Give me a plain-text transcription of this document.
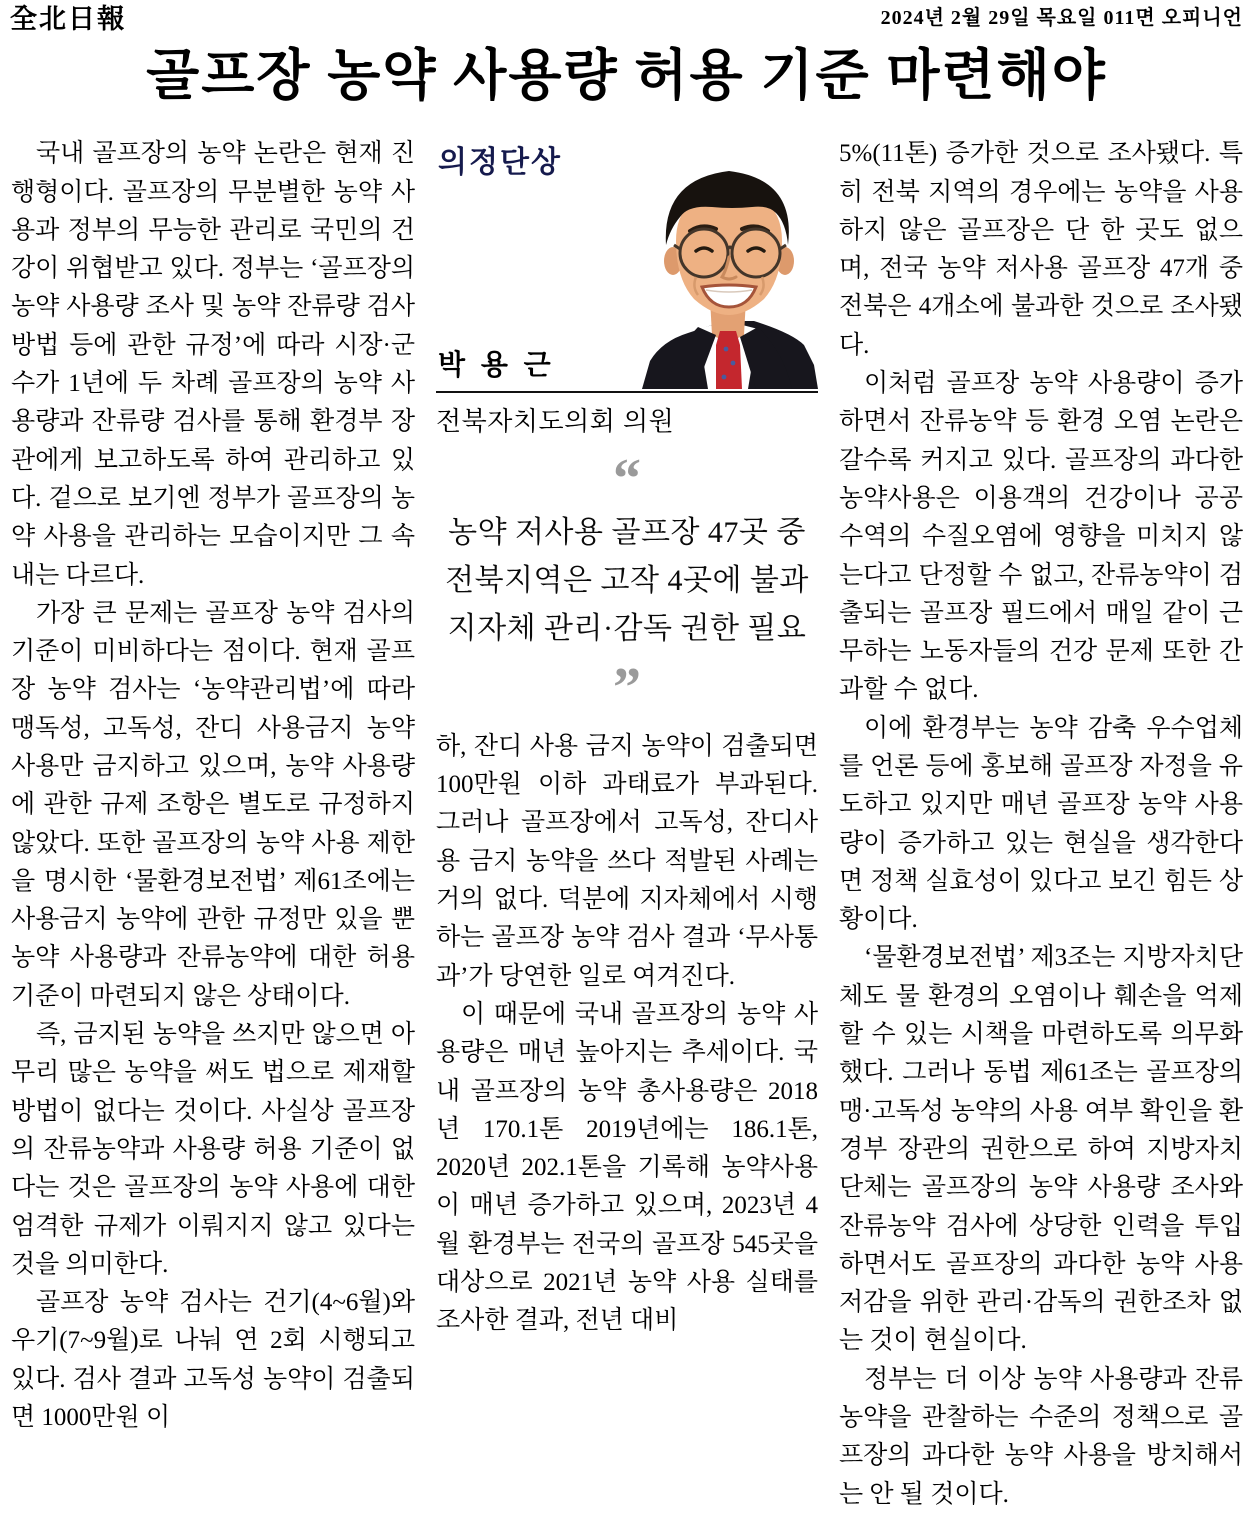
全北日報	2024년 2월 29일 목요일 011면 오피니언
골프장 농약 사용량 허용 기준 마련해야

국내 골프장의 농약 논란은 현재 진행형이다. 골프장의 무분별한 농약 사용과 정부의 무능한 관리로 국민의 건강이 위협받고 있다. 정부는 ‘골프장의 농약 사용량 조사 및 농약 잔류량 검사방법 등에 관한 규정’에 따라 시장·군수가 1년에 두 차례 골프장의 농약 사용량과 잔류량 검사를 통해 환경부 장관에게 보고하도록 하여 관리하고 있다. 겉으로 보기엔 정부가 골프장의 농약 사용을 관리하는 모습이지만 그 속내는 다르다.

가장 큰 문제는 골프장 농약 검사의 기준이 미비하다는 점이다. 현재 골프장 농약 검사는 ‘농약관리법’에 따라 맹독성, 고독성, 잔디 사용금지 농약 사용만 금지하고 있으며, 농약 사용량에 관한 규제 조항은 별도로 규정하지 않았다. 또한 골프장의 농약 사용 제한을 명시한 ‘물환경보전법’ 제61조에는 사용금지 농약에 관한 규정만 있을 뿐 농약 사용량과 잔류농약에 대한 허용 기준이 마련되지 않은 상태이다.

즉, 금지된 농약을 쓰지만 않으면 아무리 많은 농약을 써도 법으로 제재할 방법이 없다는 것이다. 사실상 골프장의 잔류농약과 사용량 허용 기준이 없다는 것은 골프장의 농약 사용에 대한 엄격한 규제가 이뤄지지 않고 있다는 것을 의미한다.

골프장 농약 검사는 건기(4~6월)와 우기(7~9월)로 나눠 연 2회 시행되고 있다. 검사 결과 고독성 농약이 검출되면 1000만원 이

의정단상
박 용 근
전북자치도의회 의원
“
농약 저사용 골프장 47곳 중
전북지역은 고작 4곳에 불과
지자체 관리·감독 권한 필요
”

하, 잔디 사용 금지 농약이 검출되면 100만원 이하 과태료가 부과된다. 그러나 골프장에서 고독성, 잔디사용 금지 농약을 쓰다 적발된 사례는 거의 없다. 덕분에 지자체에서 시행하는 골프장 농약 검사 결과 ‘무사통과’가 당연한 일로 여겨진다.

이 때문에 국내 골프장의 농약 사용량은 매년 높아지는 추세이다. 국내 골프장의 농약 총사용량은 2018년 170.1톤 2019년에는 186.1톤, 2020년 202.1톤을 기록해 농약사용이 매년 증가하고 있으며, 2023년 4월 환경부는 전국의 골프장 545곳을 대상으로 2021년 농약 사용 실태를 조사한 결과, 전년 대비

5%(11톤) 증가한 것으로 조사됐다. 특히 전북 지역의 경우에는 농약을 사용하지 않은 골프장은 단 한 곳도 없으며, 전국 농약 저사용 골프장 47개 중 전북은 4개소에 불과한 것으로 조사됐다.

이처럼 골프장 농약 사용량이 증가하면서 잔류농약 등 환경 오염 논란은 갈수록 커지고 있다. 골프장의 과다한 농약사용은 이용객의 건강이나 공공수역의 수질오염에 영향을 미치지 않는다고 단정할 수 없고, 잔류농약이 검출되는 골프장 필드에서 매일 같이 근무하는 노동자들의 건강 문제 또한 간과할 수 없다.

이에 환경부는 농약 감축 우수업체를 언론 등에 홍보해 골프장 자정을 유도하고 있지만 매년 골프장 농약 사용량이 증가하고 있는 현실을 생각한다면 정책 실효성이 있다고 보긴 힘든 상황이다.

‘물환경보전법’ 제3조는 지방자치단체도 물 환경의 오염이나 훼손을 억제할 수 있는 시책을 마련하도록 의무화했다. 그러나 동법 제61조는 골프장의 맹·고독성 농약의 사용 여부 확인을 환경부 장관의 권한으로 하여 지방자치단체는 골프장의 농약 사용량 조사와 잔류농약 검사에 상당한 인력을 투입하면서도 골프장의 과다한 농약 사용 저감을 위한 관리·감독의 권한조차 없는 것이 현실이다.

정부는 더 이상 농약 사용량과 잔류농약을 관찰하는 수준의 정책으로 골프장의 과다한 농약 사용을 방치해서는 안 될 것이다.
